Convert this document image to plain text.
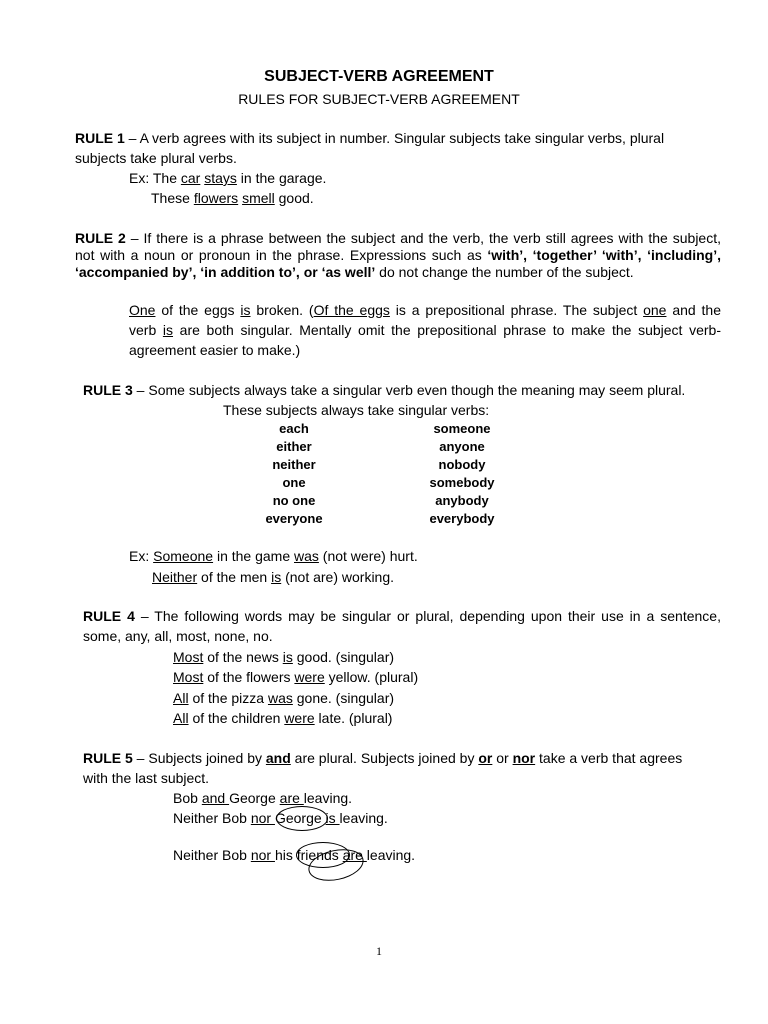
SUBJECT-VERB AGREEMENT
RULES FOR SUBJECT-VERB AGREEMENT
RULE 1 – A verb agrees with its subject in number. Singular subjects take singular verbs, plural
subjects take plural verbs.
Ex: The car stays in the garage.
These flowers smell good.
RULE 2 – If there is a phrase between the subject and the verb, the verb still agrees with the subject,
not with a noun or pronoun in the phrase. Expressions such as ‘with’, ‘together’ ‘with’, ‘including’,
‘accompanied by’, ‘in addition to’, or ‘as well’ do not change the number of the subject.
One of the eggs is broken. (Of the eggs is a prepositional phrase. The subject one and the
verb is are both singular. Mentally omit the prepositional phrase to make the subject verb-
agreement easier to make.)
RULE 3 – Some subjects always take a singular verb even though the meaning may seem plural.
These subjects always take singular verbs:
each
either
neither
one
no one
everyone
someone
anyone
nobody
somebody
anybody
everybody
Ex: Someone in the game was (not were) hurt.
Neither of the men is (not are) working.
RULE 4 – The following words may be singular or plural, depending upon their use in a sentence,
some, any, all, most, none, no.
Most of the news is good. (singular)
Most of the flowers were yellow. (plural)
All of the pizza was gone. (singular)
All of the children were late. (plural)
RULE 5 – Subjects joined by and are plural. Subjects joined by or or nor take a verb that agrees
with the last subject.
Bob and George are leaving.
Neither Bob nor George is leaving.
Neither Bob nor his friends are leaving.
1
